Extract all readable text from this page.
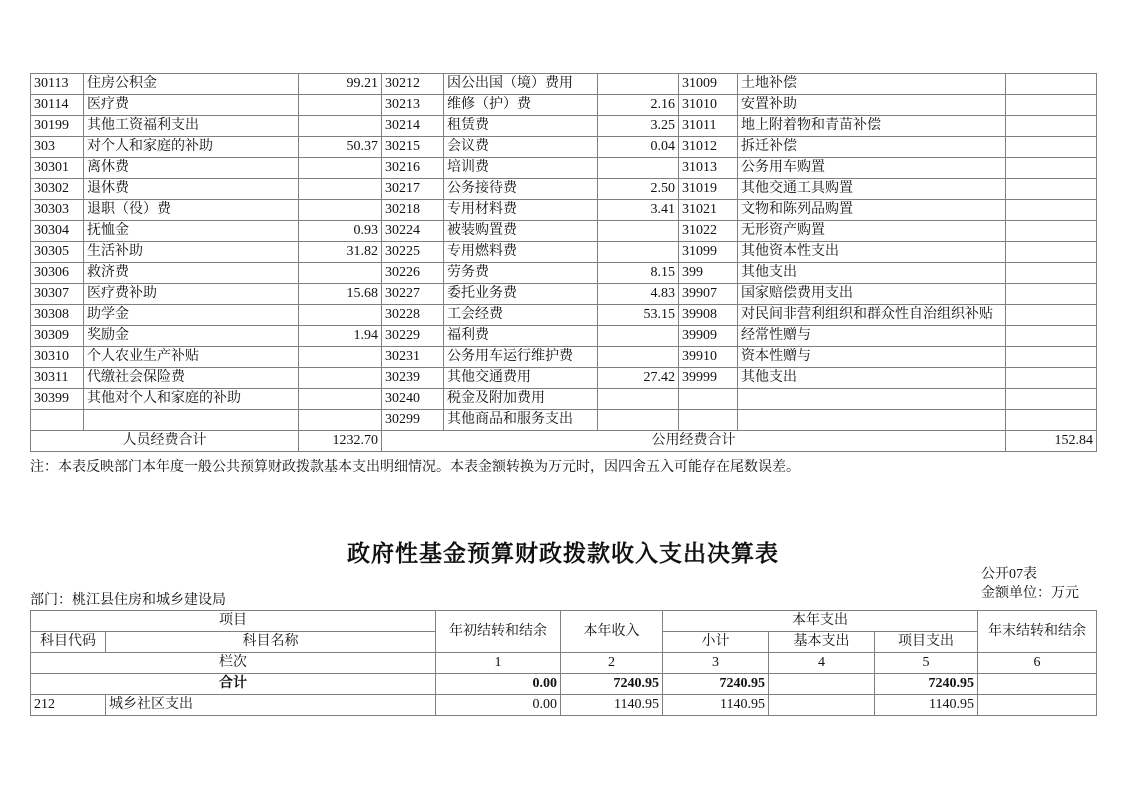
30113	住房公积金	99.21	30212	因公出国（境）费用		31009	土地补偿	
30114	医疗费		30213	维修（护）费	2.16	31010	安置补助	
30199	其他工资福利支出		30214	租赁费	3.25	31011	地上附着物和青苗补偿	
303	对个人和家庭的补助	50.37	30215	会议费	0.04	31012	拆迁补偿	
30301	离休费		30216	培训费		31013	公务用车购置	
30302	退休费		30217	公务接待费	2.50	31019	其他交通工具购置	
30303	退职（役）费		30218	专用材料费	3.41	31021	文物和陈列品购置	
30304	抚恤金	0.93	30224	被装购置费		31022	无形资产购置	
30305	生活补助	31.82	30225	专用燃料费		31099	其他资本性支出	
30306	救济费		30226	劳务费	8.15	399	其他支出	
30307	医疗费补助	15.68	30227	委托业务费	4.83	39907	国家赔偿费用支出	
30308	助学金		30228	工会经费	53.15	39908	对民间非营利组织和群众性自治组织补贴	
30309	奖励金	1.94	30229	福利费		39909	经常性赠与	
30310	个人农业生产补贴		30231	公务用车运行维护费		39910	资本性赠与	
30311	代缴社会保险费		30239	其他交通费用	27.42	39999	其他支出	
30399	其他对个人和家庭的补助		30240	税金及附加费用				
			30299	其他商品和服务支出				
人员经费合计		1232.70	公用经费合计					152.84
注：本表反映部门本年度一般公共预算财政拨款基本支出明细情况。本表金额转换为万元时，因四舍五入可能存在尾数误差。
政府性基金预算财政拨款收入支出决算表
公开07表
金额单位：万元
部门：桃江县住房和城乡建设局
项目		年初结转和结余	本年收入	本年支出			年末结转和结余
科目代码	科目名称			小计	基本支出	项目支出	
栏次		1	2	3	4	5	6
合计		0.00	7240.95	7240.95		7240.95	
212	城乡社区支出	0.00	1140.95	1140.95		1140.95	
